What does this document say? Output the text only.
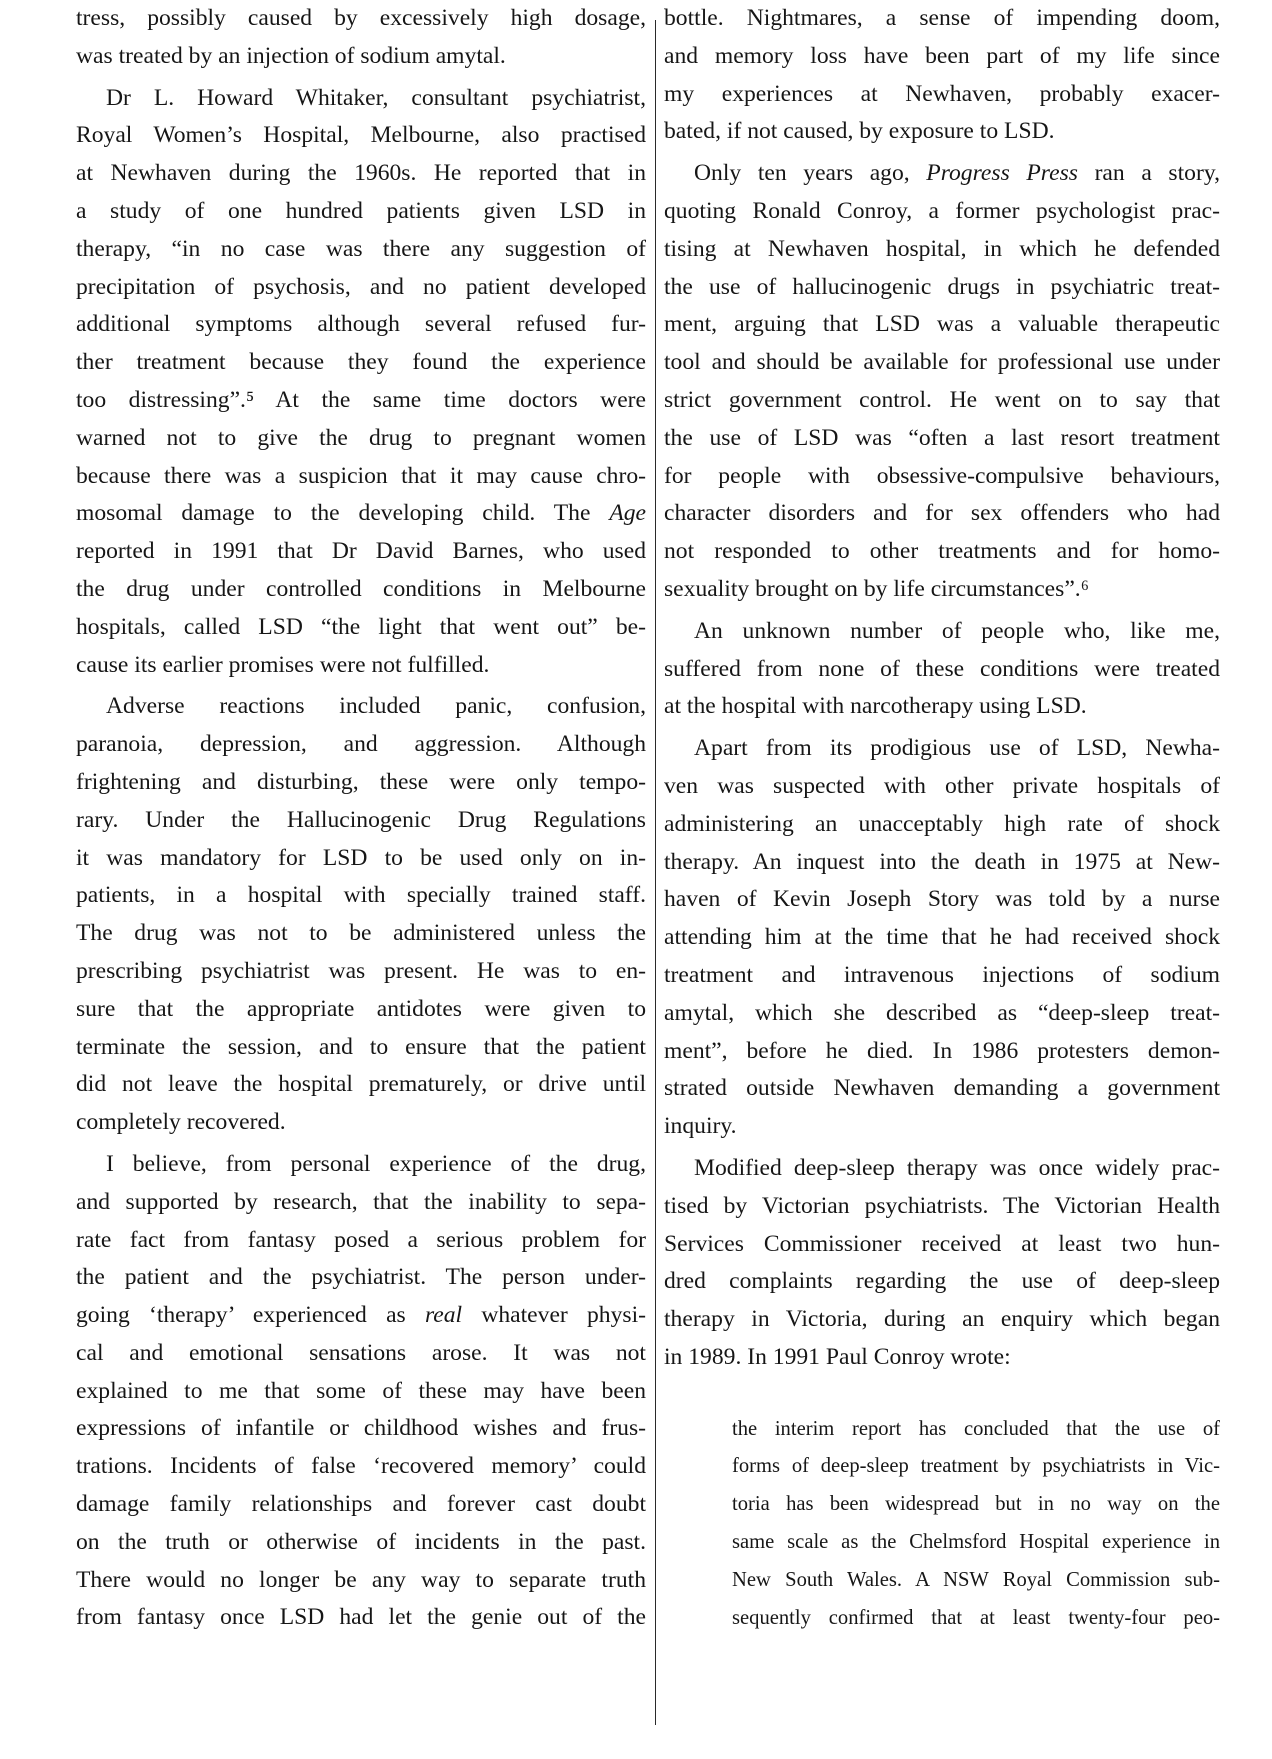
tress, possibly caused by excessively high dosage,
was treated by an injection of sodium amytal.
Dr L. Howard Whitaker, consultant psychiatrist,
Royal Women’s Hospital, Melbourne, also practised
at Newhaven during the 1960s. He reported that in
a study of one hundred patients given LSD in
therapy, “in no case was there any suggestion of
precipitation of psychosis, and no patient developed
additional symptoms although several refused fur-
ther treatment because they found the experience
too distressing”.⁵ At the same time doctors were
warned not to give the drug to pregnant women
because there was a suspicion that it may cause chro-
mosomal damage to the developing child. The Age
reported in 1991 that Dr David Barnes, who used
the drug under controlled conditions in Melbourne
hospitals, called LSD “the light that went out” be-
cause its earlier promises were not fulfilled.
Adverse reactions included panic, confusion,
paranoia, depression, and aggression. Although
frightening and disturbing, these were only tempo-
rary. Under the Hallucinogenic Drug Regulations
it was mandatory for LSD to be used only on in-
patients, in a hospital with specially trained staff.
The drug was not to be administered unless the
prescribing psychiatrist was present. He was to en-
sure that the appropriate antidotes were given to
terminate the session, and to ensure that the patient
did not leave the hospital prematurely, or drive until
completely recovered.
I believe, from personal experience of the drug,
and supported by research, that the inability to sepa-
rate fact from fantasy posed a serious problem for
the patient and the psychiatrist. The person under-
going ‘therapy’ experienced as real whatever physi-
cal and emotional sensations arose. It was not
explained to me that some of these may have been
expressions of infantile or childhood wishes and frus-
trations. Incidents of false ‘recovered memory’ could
damage family relationships and forever cast doubt
on the truth or otherwise of incidents in the past.
There would no longer be any way to separate truth
from fantasy once LSD had let the genie out of the
bottle. Nightmares, a sense of impending doom,
and memory loss have been part of my life since
my experiences at Newhaven, probably exacer-
bated, if not caused, by exposure to LSD.
Only ten years ago, Progress Press ran a story,
quoting Ronald Conroy, a former psychologist prac-
tising at Newhaven hospital, in which he defended
the use of hallucinogenic drugs in psychiatric treat-
ment, arguing that LSD was a valuable therapeutic
tool and should be available for professional use under
strict government control. He went on to say that
the use of LSD was “often a last resort treatment
for people with obsessive-compulsive behaviours,
character disorders and for sex offenders who had
not responded to other treatments and for homo-
sexuality brought on by life circumstances”.⁶
An unknown number of people who, like me,
suffered from none of these conditions were treated
at the hospital with narcotherapy using LSD.
Apart from its prodigious use of LSD, Newha-
ven was suspected with other private hospitals of
administering an unacceptably high rate of shock
therapy. An inquest into the death in 1975 at New-
haven of Kevin Joseph Story was told by a nurse
attending him at the time that he had received shock
treatment and intravenous injections of sodium
amytal, which she described as “deep-sleep treat-
ment”, before he died. In 1986 protesters demon-
strated outside Newhaven demanding a government
inquiry.
Modified deep-sleep therapy was once widely prac-
tised by Victorian psychiatrists. The Victorian Health
Services Commissioner received at least two hun-
dred complaints regarding the use of deep-sleep
therapy in Victoria, during an enquiry which began
in 1989. In 1991 Paul Conroy wrote:
the interim report has concluded that the use of
forms of deep-sleep treatment by psychiatrists in Vic-
toria has been widespread but in no way on the
same scale as the Chelmsford Hospital experience in
New South Wales. A NSW Royal Commission sub-
sequently confirmed that at least twenty-four peo-
